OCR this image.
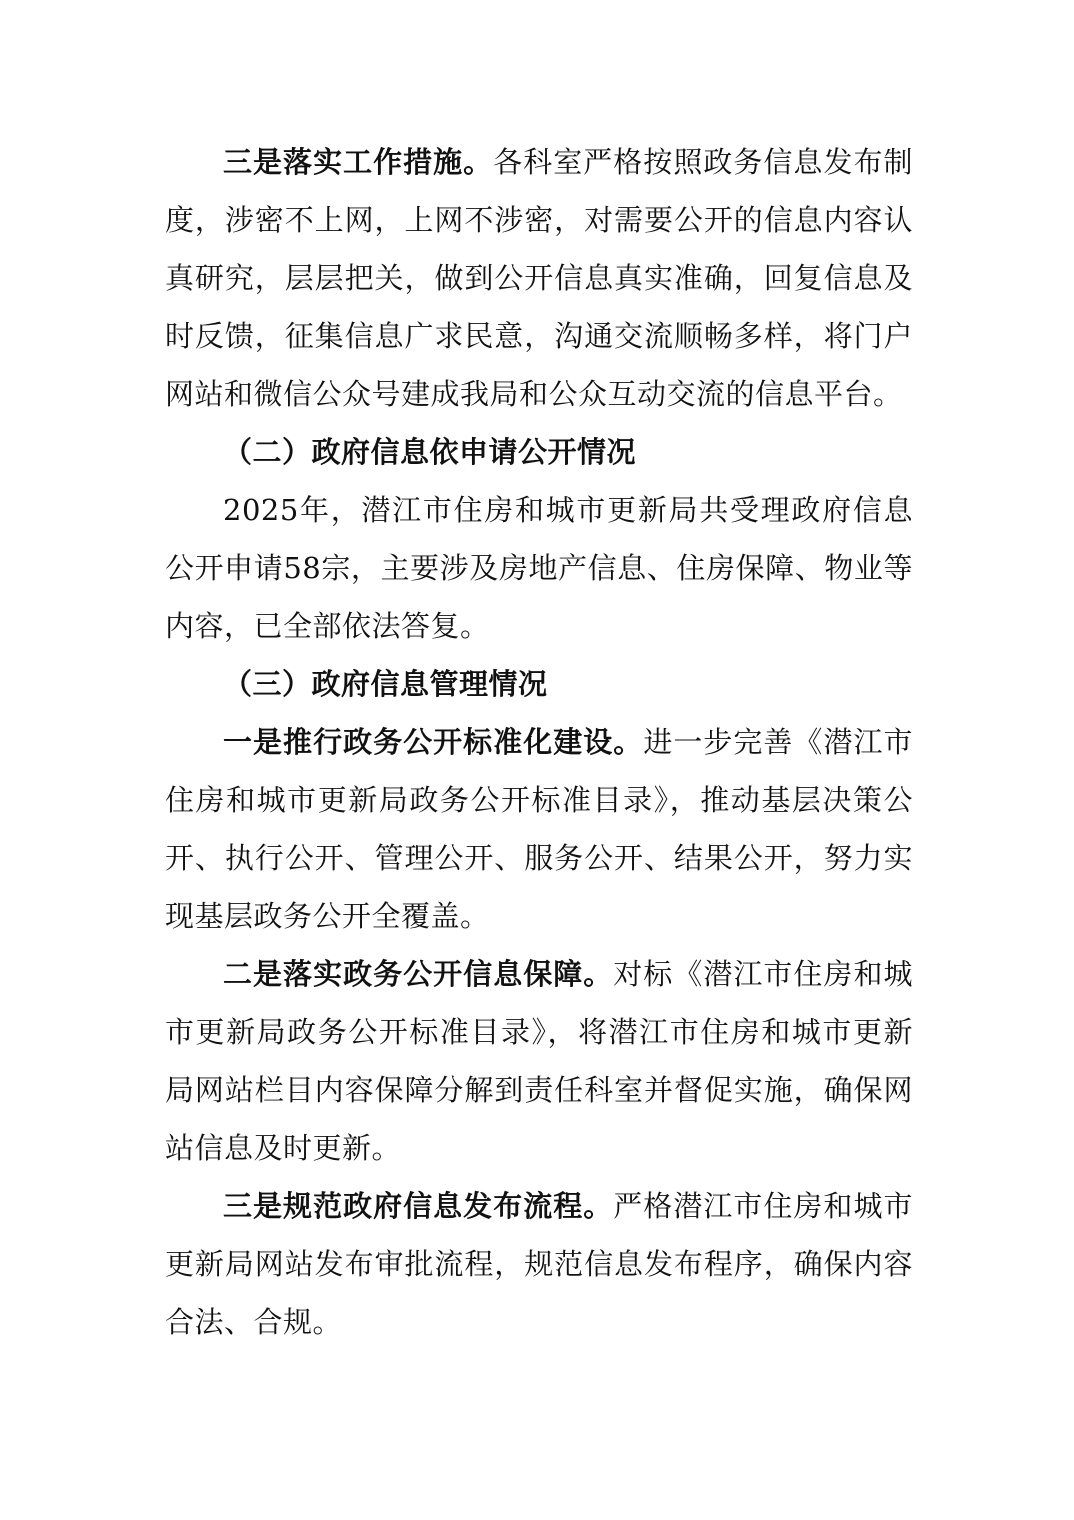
三是落实工作措施。各科室严格按照政务信息发布制度，涉密不上网，上网不涉密，对需要公开的信息内容认真研究，层层把关，做到公开信息真实准确，回复信息及时反馈，征集信息广求民意，沟通交流顺畅多样，将门户网站和微信公众号建成我局和公众互动交流的信息平台。

（二）政府信息依申请公开情况

2025年，潜江市住房和城市更新局共受理政府信息公开申请58宗，主要涉及房地产信息、住房保障、物业等内容，已全部依法答复。

（三）政府信息管理情况

一是推行政务公开标准化建设。进一步完善《潜江市住房和城市更新局政务公开标准目录》，推动基层决策公开、执行公开、管理公开、服务公开、结果公开，努力实现基层政务公开全覆盖。

二是落实政务公开信息保障。对标《潜江市住房和城市更新局政务公开标准目录》，将潜江市住房和城市更新局网站栏目内容保障分解到责任科室并督促实施，确保网站信息及时更新。

三是规范政府信息发布流程。严格潜江市住房和城市更新局网站发布审批流程，规范信息发布程序，确保内容合法、合规。
